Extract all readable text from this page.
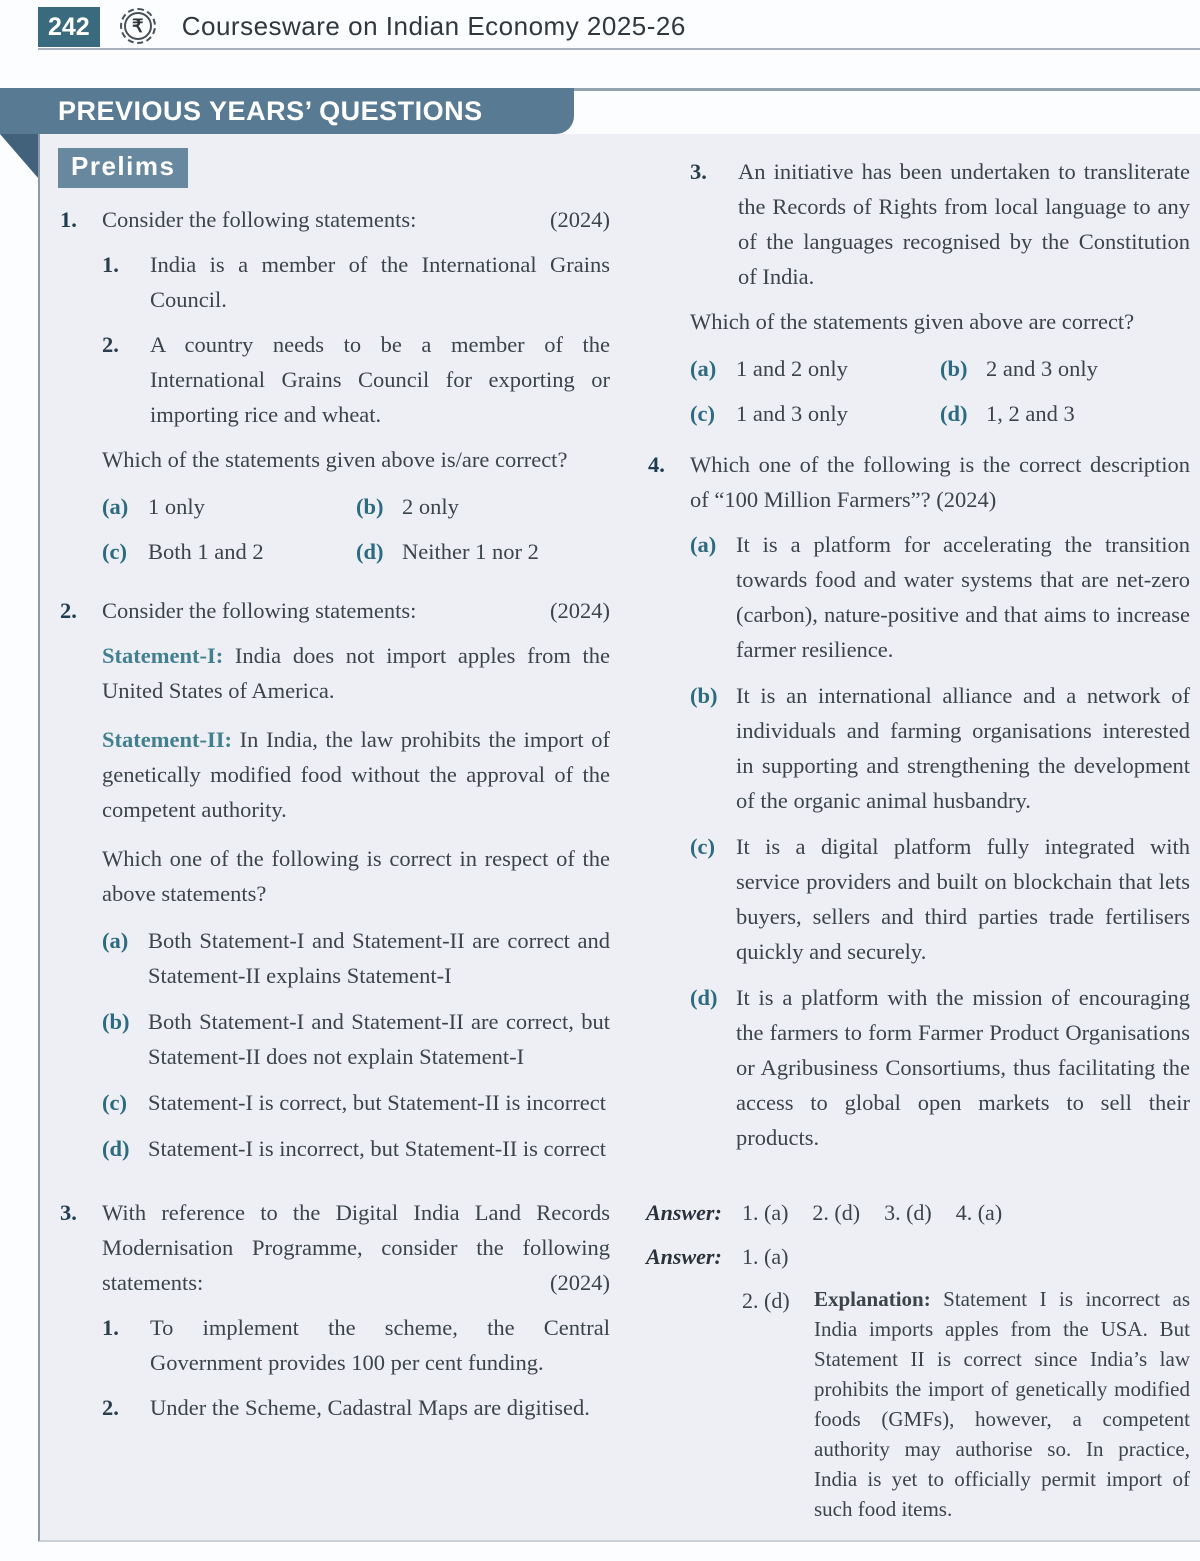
242	₹	Coursesware on Indian Economy 2025-26
PREVIOUS YEARS’ QUESTIONS
Prelims
1.	(2024)
Consider the following statements:

1.	India is a member of the International Grains Council.
2.	A country needs to be a member of the International Grains Council for exporting or importing rice and wheat.

Which of the statements given above is/are correct?

(a) 1 only	(b) 2 only
(c) Both 1 and 2	(d) Neither 1 nor 2
2.	(2024)
Consider the following statements:

Statement-I: India does not import apples from the United States of America.

Statement-II: In India, the law prohibits the import of genetically modified food without the approval of the competent authority.

Which one of the following is correct in respect of the above statements?

(a) Both Statement-I and Statement-II are correct and Statement-II explains Statement-I
(b) Both Statement-I and Statement-II are correct, but Statement-II does not explain Statement-I
(c) Statement-I is correct, but Statement-II is incorrect
(d) Statement-I is incorrect, but Statement-II is correct
3.

(2024)
With reference to the Digital India Land Records Modernisation Programme, consider the following statements:

1.	To implement the scheme, the Central Government provides 100 per cent funding.
2.	Under the Scheme, Cadastral Maps are digitised.
3.	An initiative has been undertaken to transliterate the Records of Rights from local language to any of the languages recognised by the Constitution of India.

Which of the statements given above are correct?

(a) 1 and 2 only	(b) 2 and 3 only
(c) 1 and 3 only	(d) 1, 2 and 3
4.	Which one of the following is the correct description of “100 Million Farmers”? (2024)

(a) It is a platform for accelerating the transition towards food and water systems that are net-zero (carbon), nature-positive and that aims to increase farmer resilience.
(b) It is an international alliance and a network of individuals and farming organisations interested in supporting and strengthening the development of the organic animal husbandry.
(c) It is a digital platform fully integrated with service providers and built on blockchain that lets buyers, sellers and third parties trade fertilisers quickly and securely.
(d) It is a platform with the mission of encouraging the farmers to form Farmer Product Organisations or Agribusiness Consortiums, thus facilitating the access to global open markets to sell their products.
Answer: 1. (a) 2. (d) 3. (d) 4. (a)
Answer: 1. (a)
2. (d)	Explanation: Statement I is incorrect as India imports apples from the USA. But Statement II is correct since India’s law prohibits the import of genetically modified foods (GMFs), however, a competent authority may authorise so. In practice, India is yet to officially permit import of such food items.
